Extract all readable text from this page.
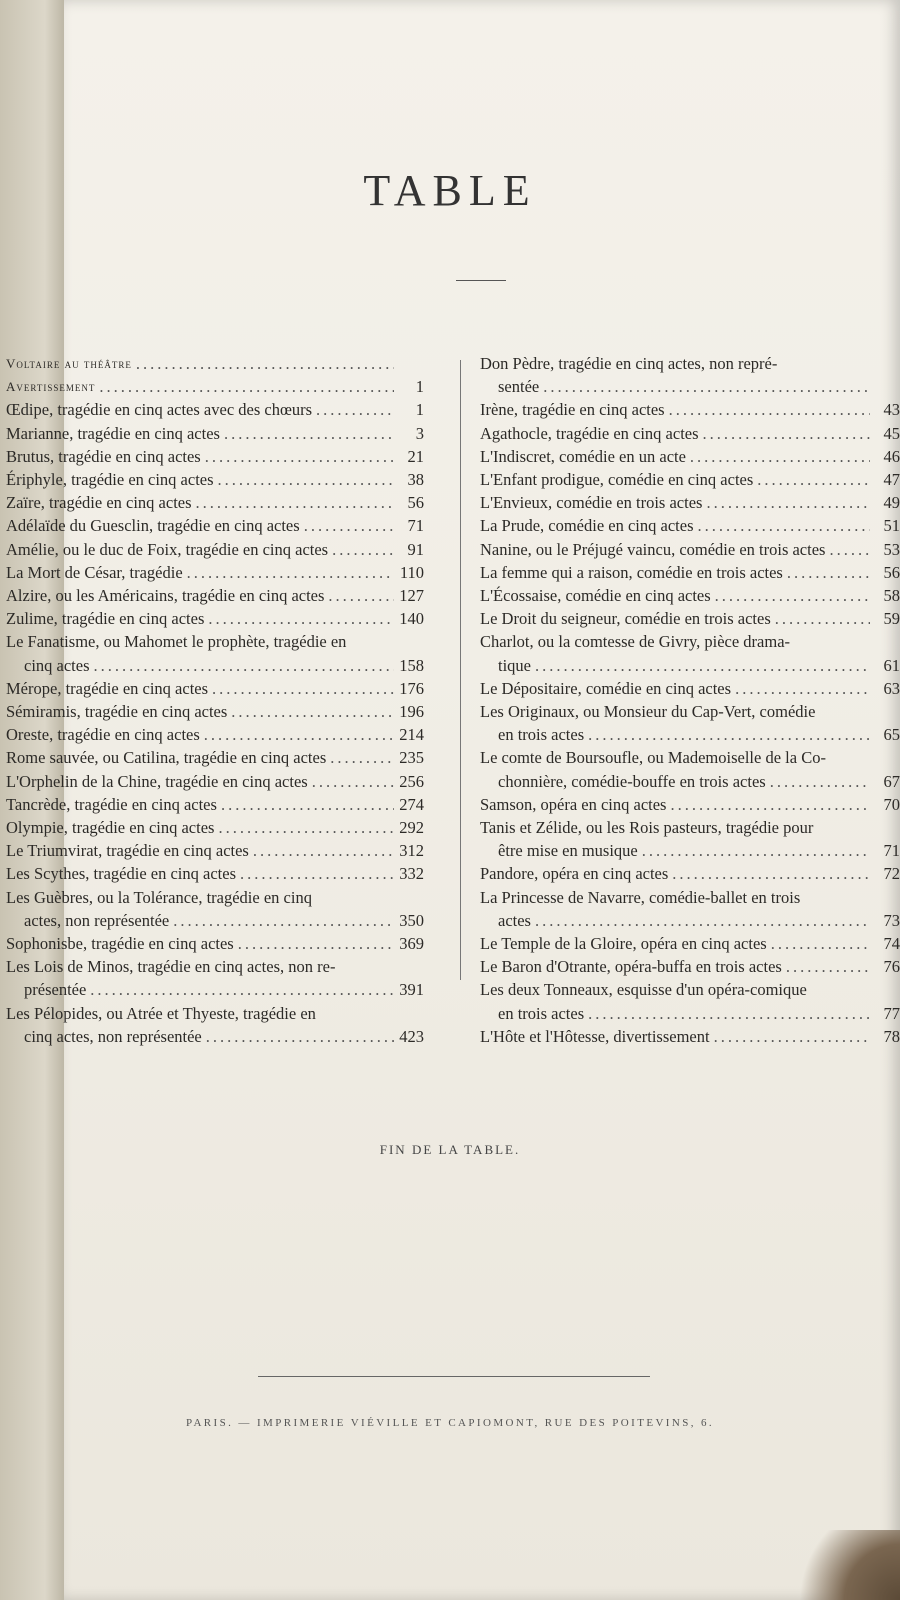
TABLE
Voltaire au théâtre
.....
Avertissement .....	1
Œdipe, tragédie en cinq actes avec des chœurs .....	1
Marianne, tragédie en cinq actes .....	3
Brutus, tragédie en cinq actes .....	21
Ériphyle, tragédie en cinq actes .....	38
Zaïre, tragédie en cinq actes .....	56
Adélaïde du Guesclin, tragédie en cinq actes .....	71
Amélie, ou le duc de Foix, tragédie en cinq actes .....	91
La Mort de César, tragédie .....	110
Alzire, ou les Américains, tragédie en cinq actes .....	127
Zulime, tragédie en cinq actes .....	140
Le Fanatisme, ou Mahomet le prophète, tragédie en
cinq actes .....	158
Mérope, tragédie en cinq actes .....	176
Sémiramis, tragédie en cinq actes .....	196
Oreste, tragédie en cinq actes .....	214
Rome sauvée, ou Catilina, tragédie en cinq actes .....	235
L'Orphelin de la Chine, tragédie en cinq actes .....	256
Tancrède, tragédie en cinq actes .....	274
Olympie, tragédie en cinq actes .....	292
Le Triumvirat, tragédie en cinq actes .....	312
Les Scythes, tragédie en cinq actes .....	332
Les Guèbres, ou la Tolérance, tragédie en cinq
actes, non représentée .....	350
Sophonisbe, tragédie en cinq actes .....	369
Les Lois de Minos, tragédie en cinq actes, non re-
présentée .....	391
Les Pélopides, ou Atrée et Thyeste, tragédie en
cinq actes, non représentée .....	423
Don Pèdre, tragédie en cinq actes, non repré-
sentée
.....
Irène, tragédie en cinq actes .....	43
Agathocle, tragédie en cinq actes .....	45
L'Indiscret, comédie en un acte .....	46
L'Enfant prodigue, comédie en cinq actes .....	47
L'Envieux, comédie en trois actes .....	49
La Prude, comédie en cinq actes .....	51
Nanine, ou le Préjugé vaincu, comédie en trois actes .....	53
La femme qui a raison, comédie en trois actes .....	56
L'Écossaise, comédie en cinq actes .....	58
Le Droit du seigneur, comédie en trois actes .....	59
Charlot, ou la comtesse de Givry, pièce drama-
tique .....	61
Le Dépositaire, comédie en cinq actes .....	63
Les Originaux, ou Monsieur du Cap-Vert, comédie
en trois actes .....	65
Le comte de Boursoufle, ou Mademoiselle de la Co-
chonnière, comédie-bouffe en trois actes .....	67
Samson, opéra en cinq actes .....	70
Tanis et Zélide, ou les Rois pasteurs, tragédie pour
être mise en musique .....	71
Pandore, opéra en cinq actes .....	72
La Princesse de Navarre, comédie-ballet en trois
actes .....	73
Le Temple de la Gloire, opéra en cinq actes .....	74
Le Baron d'Otrante, opéra-buffa en trois actes .....	76
Les deux Tonneaux, esquisse d'un opéra-comique
en trois actes .....	77
L'Hôte et l'Hôtesse, divertissement .....	78
FIN DE LA TABLE.
PARIS. — IMPRIMERIE VIÉVILLE ET CAPIOMONT, RUE DES POITEVINS, 6.
